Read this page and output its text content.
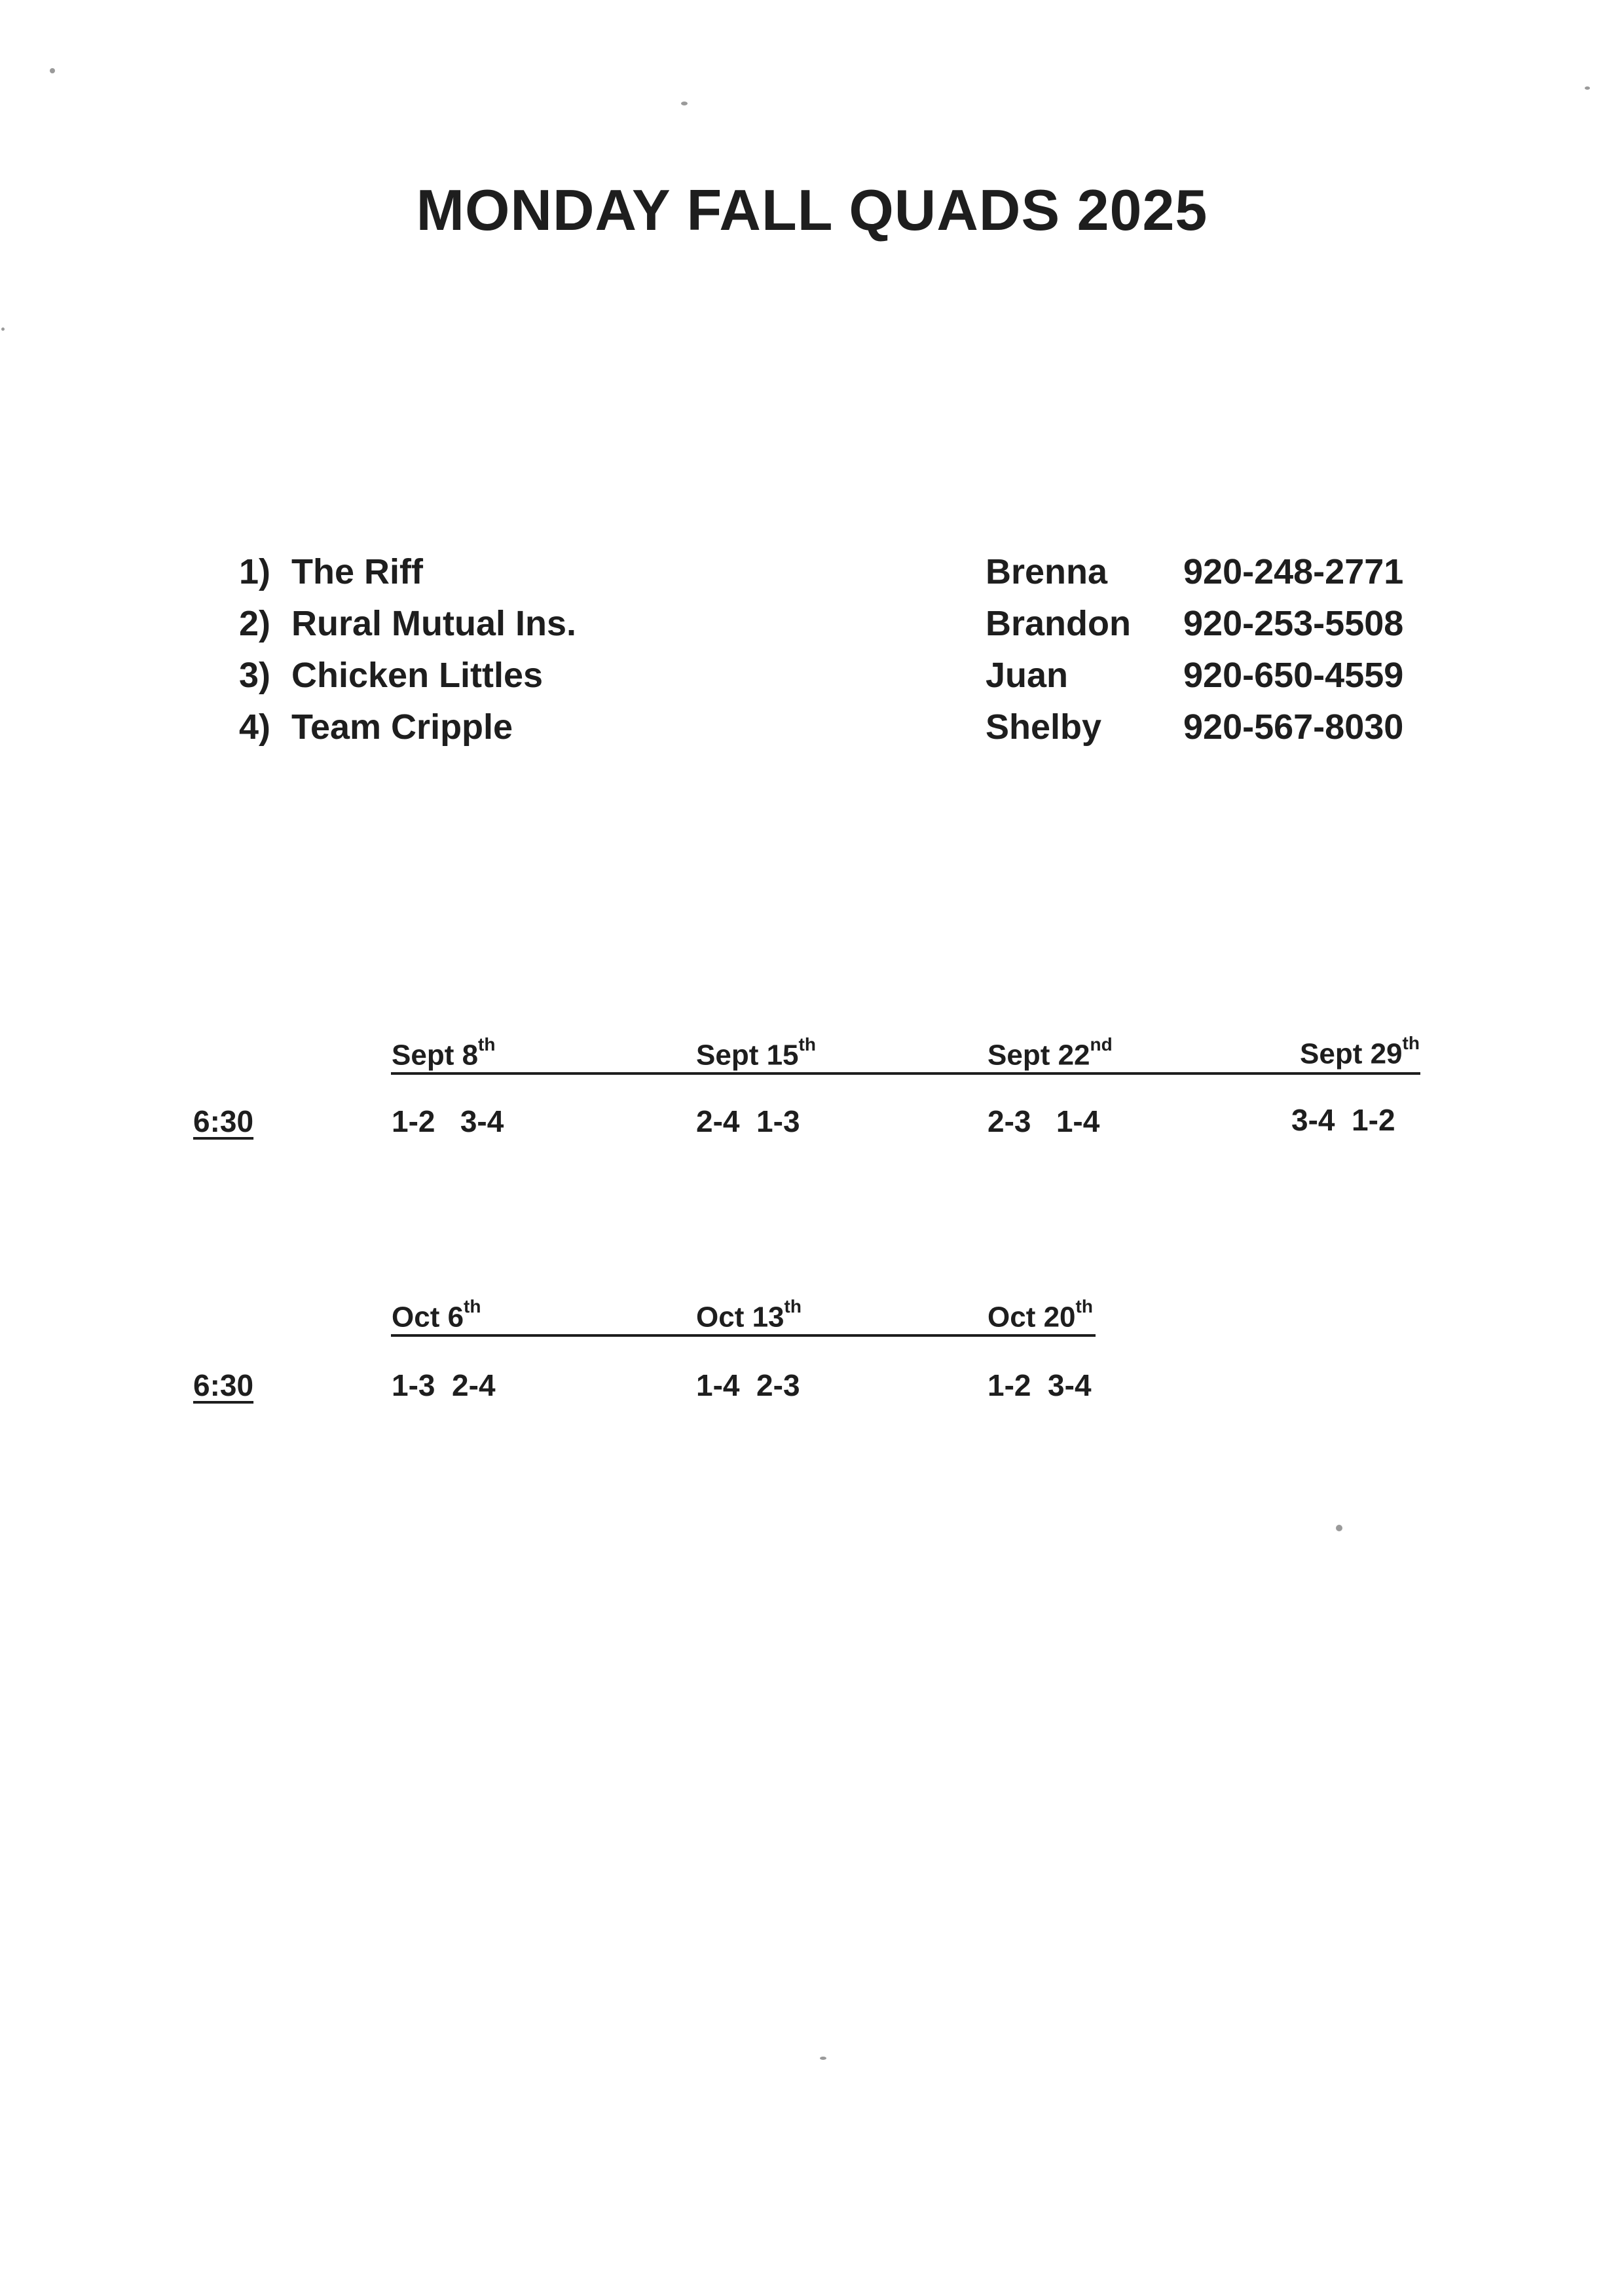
MONDAY FALL QUADS 2025
1) The Riff	Brenna 920-248-2771
2) Rural Mutual Ins.	Brandon 920-253-5508
3) Chicken Littles	Juan	920-650-4559
4) Team Cripple	Shelby 920-567-8030
Sept 8th	Sept 15th	Sept 22nd	Sept 29th
6:30	1-2   3-4	2-4  1-3	2-3   1-4	3-4  1-2
Oct 6th	Oct 13th	Oct 20th
6:30	1-3  2-4	1-4  2-3	1-2  3-4
